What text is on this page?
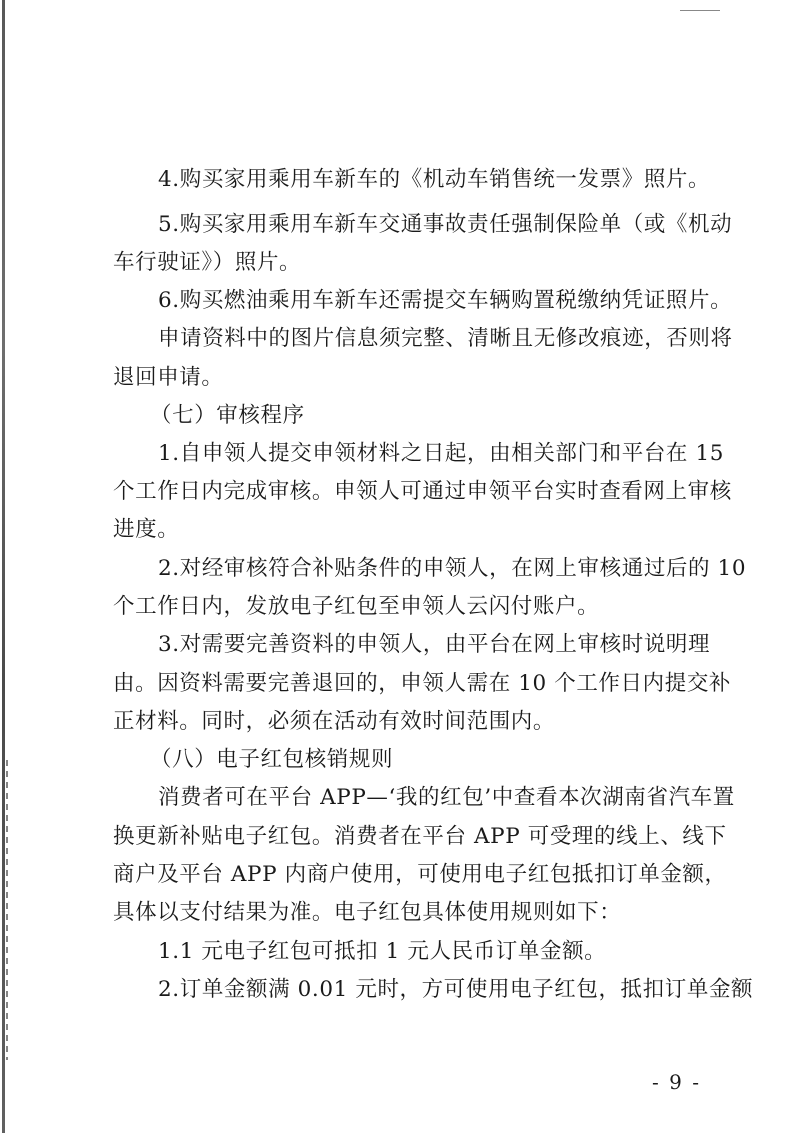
4.购买家用乘用车新车的《机动车销售统一发票》照片。
5.购买家用乘用车新车交通事故责任强制保险单（或《机动
车行驶证》）照片。
6.购买燃油乘用车新车还需提交车辆购置税缴纳凭证照片。
申请资料中的图片信息须完整、清晰且无修改痕迹，否则将
退回申请。
（七）审核程序
1.自申领人提交申领材料之日起，由相关部门和平台在 15
个工作日内完成审核。申领人可通过申领平台实时查看网上审核
进度。
2.对经审核符合补贴条件的申领人，在网上审核通过后的 10
个工作日内，发放电子红包至申领人云闪付账户。
3.对需要完善资料的申领人，由平台在网上审核时说明理
由。因资料需要完善退回的，申领人需在 10 个工作日内提交补
正材料。同时，必须在活动有效时间范围内。
（八）电子红包核销规则
消费者可在平台 APP—‘我的红包’中查看本次湖南省汽车置
换更新补贴电子红包。消费者在平台 APP 可受理的线上、线下
商户及平台 APP 内商户使用，可使用电子红包抵扣订单金额，
具体以支付结果为准。电子红包具体使用规则如下：
1.1 元电子红包可抵扣 1 元人民币订单金额。
2.订单金额满 0.01 元时，方可使用电子红包，抵扣订单金额
- 9 -
